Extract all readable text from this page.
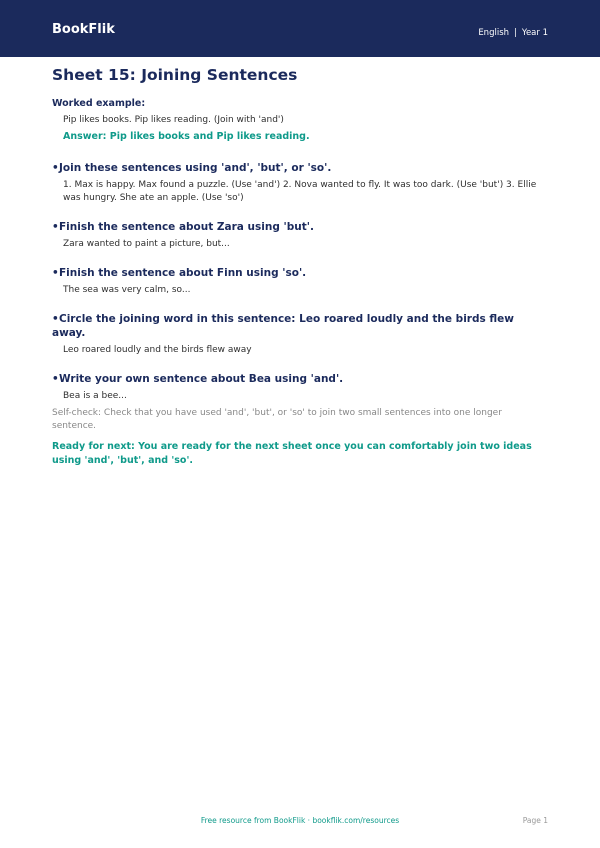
BookFlik	English | Year 1
Sheet 15: Joining Sentences
Worked example:
Pip likes books. Pip likes reading. (Join with 'and')
Answer: Pip likes books and Pip likes reading.
•Join these sentences using 'and', 'but', or 'so'.
1. Max is happy. Max found a puzzle. (Use 'and') 2. Nova wanted to fly. It was too dark. (Use 'but') 3. Ellie was hungry. She ate an apple. (Use 'so')
•Finish the sentence about Zara using 'but'.
Zara wanted to paint a picture, but...
•Finish the sentence about Finn using 'so'.
The sea was very calm, so...
•Circle the joining word in this sentence: Leo roared loudly and the birds flew away.
Leo roared loudly and the birds flew away
•Write your own sentence about Bea using 'and'.
Bea is a bee...
Self-check: Check that you have used 'and', 'but', or 'so' to join two small sentences into one longer sentence.
Ready for next: You are ready for the next sheet once you can comfortably join two ideas using 'and', 'but', and 'so'.
Free resource from BookFlik · bookflik.com/resources	Page 1
